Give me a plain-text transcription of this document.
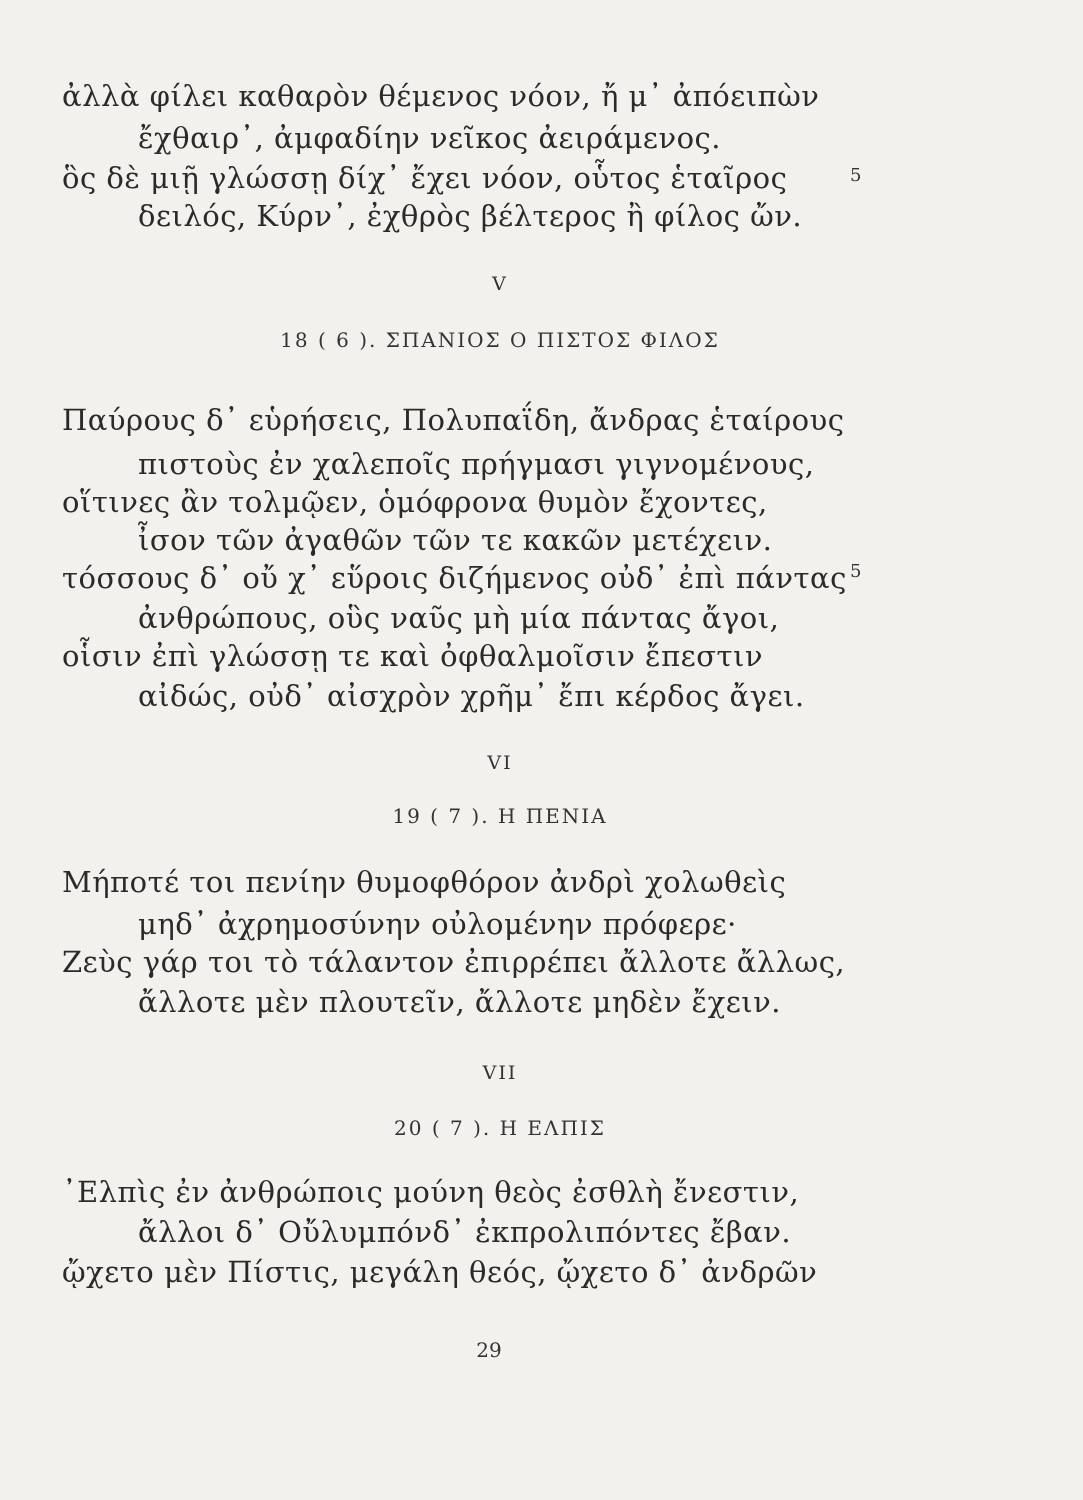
ἀλλὰ φίλει καθαρὸν θέμενος νόον, ἤ μ᾽ ἀπόειπὼν
ἔχθαιρ᾽, ἀμφαδίην νεῖκος ἀειράμενος.
ὃς δὲ μιῇ γλώσσῃ δίχ᾽ ἔχει νόον, οὗτος ἑταῖρος	5
δειλός, Κύρν᾽, ἐχθρὸς βέλτερος ἢ φίλος ὤν.
V
18 ( 6 ). ΣΠΑΝΙΟΣ Ο ΠΙΣΤΟΣ ΦΙΛΟΣ
Παύρους δ᾽ εὑρήσεις, Πολυπαΐδη, ἄνδρας ἑταίρους
πιστοὺς ἐν χαλεποῖς πρήγμασι γιγνομένους,
οἵτινες ἂν τολμῷεν, ὁμόφρονα θυμὸν ἔχοντες,
ἶσον τῶν ἀγαθῶν τῶν τε κακῶν μετέχειν.
τόσσους δ᾽ οὔ χ᾽ εὕροις διζήμενος οὐδ᾽ ἐπὶ πάντας 5
ἀνθρώπους, οὓς ναῦς μὴ μία πάντας ἄγοι,
οἷσιν ἐπὶ γλώσσῃ τε καὶ ὀφθαλμοῖσιν ἔπεστιν
αἰδώς, οὐδ᾽ αἰσχρὸν χρῆμ᾽ ἔπι κέρδος ἄγει.
VI
19 ( 7 ). Η ΠΕΝΙΑ
Μήποτέ τοι πενίην θυμοφθόρον ἀνδρὶ χολωθεὶς
μηδ᾽ ἀχρημοσύνην οὐλομένην πρόφερε·
Ζεὺς γάρ τοι τὸ τάλαντον ἐπιρρέπει ἄλλοτε ἄλλως,
ἄλλοτε μὲν πλουτεῖν, ἄλλοτε μηδὲν ἔχειν.
VII
20 ( 7 ). Η ΕΛΠΙΣ
᾽Ελπὶς ἐν ἀνθρώποις μούνη θεὸς ἐσθλὴ ἔνεστιν,
ἄλλοι δ᾽ Οὔλυμπόνδ᾽ ἐκπρολιπόντες ἔβαν.
ᾤχετο μὲν Πίστις, μεγάλη θεός, ᾤχετο δ᾽ ἀνδρῶν
29
